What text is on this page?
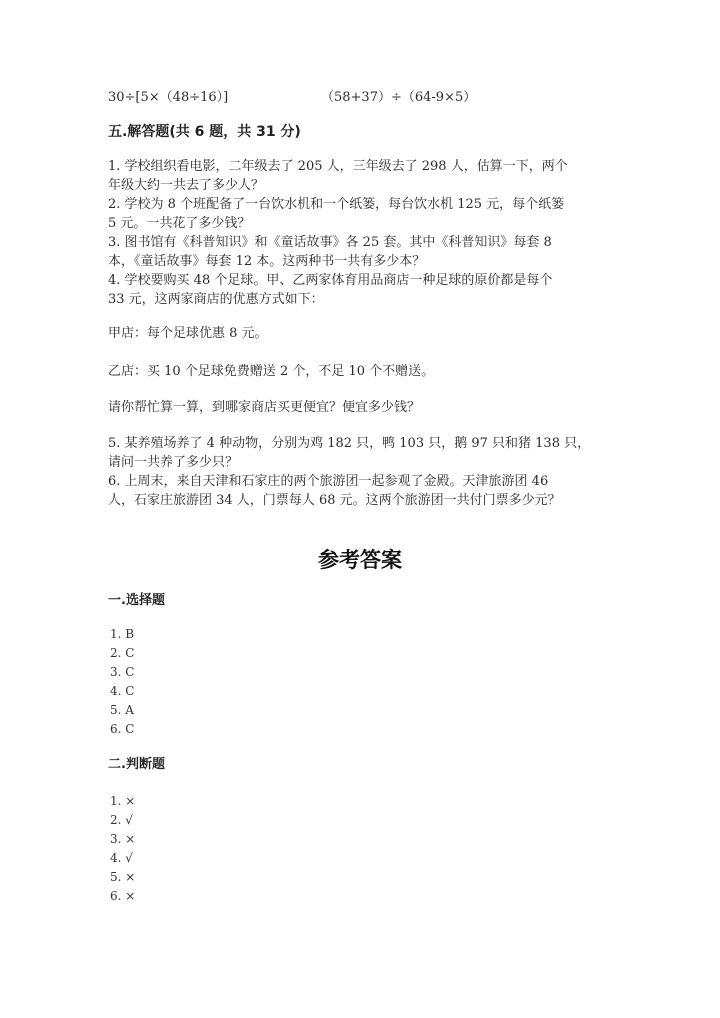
30÷[5×（48÷16）]	（58+37）÷（64-9×5）
五.解答题(共 6 题，共 31 分)
1. 学校组织看电影，二年级去了 205 人，三年级去了 298 人，估算一下，两个
年级大约一共去了多少人？
2. 学校为 8 个班配备了一台饮水机和一个纸篓，每台饮水机 125 元，每个纸篓
5 元。一共花了多少钱？
3. 图书馆有《科普知识》和《童话故事》各 25 套。其中《科普知识》每套 8
本，《童话故事》每套 12 本。这两种书一共有多少本？
4. 学校要购买 48 个足球。甲、乙两家体育用品商店一种足球的原价都是每个
33 元，这两家商店的优惠方式如下：
甲店：每个足球优惠 8 元。
乙店：买 10 个足球免费赠送 2 个，不足 10 个不赠送。
请你帮忙算一算，到哪家商店买更便宜？便宜多少钱？
5. 某养殖场养了 4 种动物，分别为鸡 182 只，鸭 103 只，鹅 97 只和猪 138 只，
请问一共养了多少只？
6. 上周末，来自天津和石家庄的两个旅游团一起参观了金殿。天津旅游团 46
人，石家庄旅游团 34 人，门票每人 68 元。这两个旅游团一共付门票多少元？
参考答案
一.选择题
1. B
2. C
3. C
4. C
5. A
6. C
二.判断题
1. ×
2. √
3. ×
4. √
5. ×
6. ×
